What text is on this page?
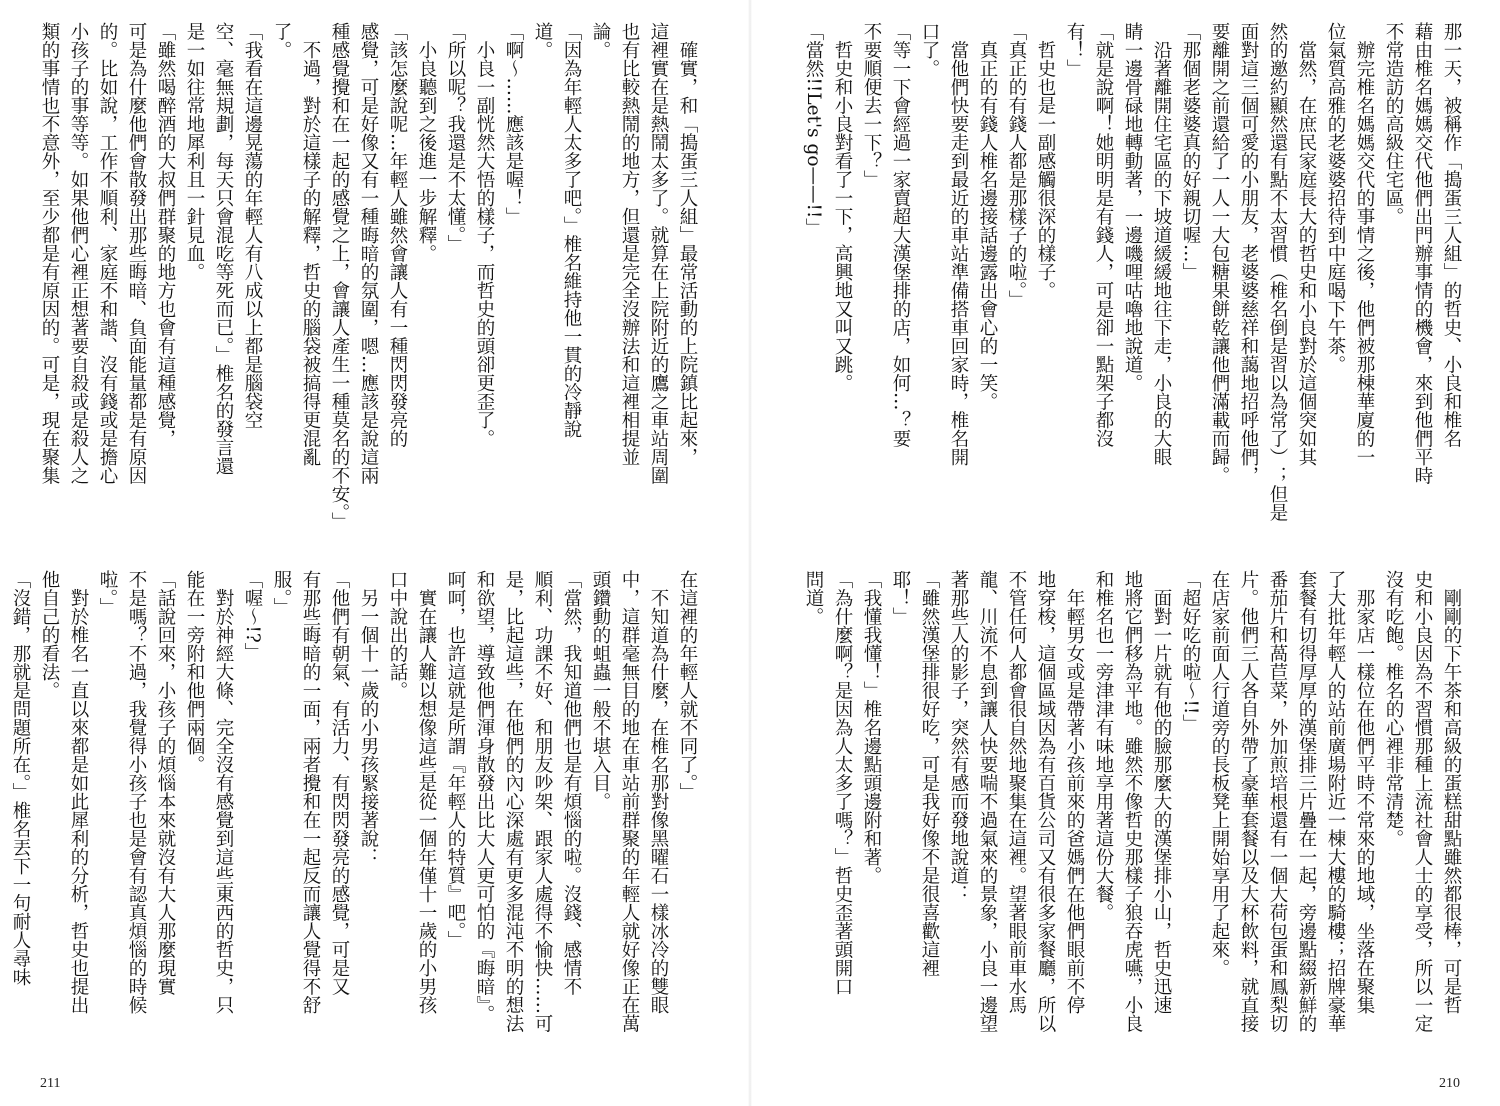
　確實，和「搗蛋三人組」最常活動的上院鎮比起來，
這裡實在是熱鬧太多了。就算在上院附近的鷹之車站周圍
也有比較熱鬧的地方，但還是完全沒辦法和這裡相提並
論。
「因為年輕人太多了吧。」椎名維持他一貫的冷靜說
道。
「啊～……應該是喔！」
　小良一副恍然大悟的樣子，而哲史的頭卻更歪了。
「所以呢？我還是不太懂。」
　小良聽到之後進一步解釋。
「該怎麼說呢…年輕人雖然會讓人有一種閃閃發亮的
感覺，可是好像又有一種晦暗的氛圍，嗯…應該是說這兩
種感覺攪和在一起的感覺之上，會讓人產生一種莫名的不安。」
　不過，對於這樣子的解釋，哲史的腦袋被搞得更混亂
了。
「我看在這邊晃蕩的年輕人有八成以上都是腦袋空
空、毫無規劃，每天只會混吃等死而已。」椎名的發言還
是一如往常地犀利且一針見血。
「雖然喝醉酒的大叔們群聚的地方也會有這種感覺，
可是為什麼他們會散發出那些晦暗、負面能量都是有原因
的。比如說，工作不順利、家庭不和諧、沒有錢或是擔心
小孩子的事等等。如果他們心裡正想著要自殺或是殺人之
類的事情也不意外，至少都是有原因的。可是，現在聚集
在這裡的年輕人就不同了。」
　不知道為什麼，在椎名那對像黑曜石一樣冰冷的雙眼
中，這群毫無目的地在車站前群聚的年輕人就好像正在萬
頭鑽動的蛆蟲一般不堪入目。
「當然，我知道他們也是有煩惱的啦。沒錢、感情不
順利、功課不好、和朋友吵架、跟家人處得不愉快……可
是，比起這些，在他們的內心深處有更多混沌不明的想法
和欲望，導致他們渾身散發出比大人更可怕的『晦暗』。
呵呵，也許這就是所謂『年輕人的特質』吧。」
　實在讓人難以想像這些是從一個年僅十一歲的小男孩
口中說出的話。
　另一個十一歲的小男孩緊接著說：
「他們有朝氣、有活力、有閃閃發亮的感覺，可是又
有那些晦暗的一面，兩者攪和在一起反而讓人覺得不舒
服。」
「喔～!?」
　對於神經大條、完全沒有感覺到這些東西的哲史，只
能在一旁附和他們兩個。
「話說回來，小孩子的煩惱本來就沒有大人那麼現實
不是嗎？不過，我覺得小孩子也是會有認真煩惱的時候
啦。」
　對於椎名一直以來都是如此犀利的分析，哲史也提出
他自己的看法。
「沒錯，那就是問題所在。」椎名丟下一句耐人尋味
211
那一天，被稱作「搗蛋三人組」的哲史、小良和椎名
藉由椎名媽媽交代他們出門辦事情的機會，來到他們平時
不常造訪的高級住宅區。
　辦完椎名媽媽交代的事情之後，他們被那棟華廈的一
位氣質高雅的老婆婆招待到中庭喝下午茶。
　當然，在庶民家庭長大的哲史和小良對於這個突如其
然的邀約顯然還有點不太習慣（椎名倒是習以為常了）；但是
面對這三個可愛的小朋友，老婆婆慈祥和藹地招呼他們，
要離開之前還給了一人一大包糖果餅乾讓他們滿載而歸。
「那個老婆婆真的好親切喔…」
　沿著離開住宅區的下坡道緩緩地往下走，小良的大眼
睛一邊骨碌地轉動著，一邊嘰哩咕嚕地說道。
「就是說啊！她明明是有錢人，可是卻一點架子都沒
有！」
　哲史也是一副感觸很深的樣子。
「真正的有錢人都是那樣子的啦。」
　真正的有錢人椎名邊接話邊露出會心的一笑。
　當他們快要走到最近的車站準備搭車回家時，椎名開
口了。
「等一下會經過一家賣超大漢堡排的店，如何…？要
不要順便去一下？」
　哲史和小良對看了一下，高興地又叫又跳。
「當然!!Let's go——!!」
　剛剛的下午茶和高級的蛋糕甜點雖然都很棒，可是哲
史和小良因為不習慣那種上流社會人士的享受，所以一定
沒有吃飽。椎名的心裡非常清楚。
　那家店一樣位在他們平時不常來的地域，坐落在聚集
了大批年輕人的站前廣場附近一棟大樓的騎樓；招牌豪華
套餐有切得厚厚的漢堡排三片疊在一起，旁邊點綴新鮮的
番茄片和萵苣菜，外加煎培根還有一個大荷包蛋和鳳梨切
片。他們三人各自外帶了豪華套餐以及大杯飲料，就直接
在店家前面人行道旁的長板凳上開始享用了起來。
「超好吃的啦～!!」
　面對一片就有他的臉那麼大的漢堡排小山，哲史迅速
地將它們移為平地。雖然不像哲史那樣子狼吞虎嚥，小良
和椎名也一旁津津有味地享用著這份大餐。
　年輕男女或是帶著小孩前來的爸媽們在他們眼前不停
地穿梭，這個區域因為有百貨公司又有很多家餐廳，所以
不管任何人都會很自然地聚集在這裡。望著眼前車水馬
龍、川流不息到讓人快要喘不過氣來的景象，小良一邊望
著那些人的影子，突然有感而發地說道：
「雖然漢堡排很好吃，可是我好像不是很喜歡這裡
耶！」
「我懂我懂！」椎名邊點頭邊附和著。
「為什麼啊？是因為人太多了嗎？」哲史歪著頭開口
問道。
210
